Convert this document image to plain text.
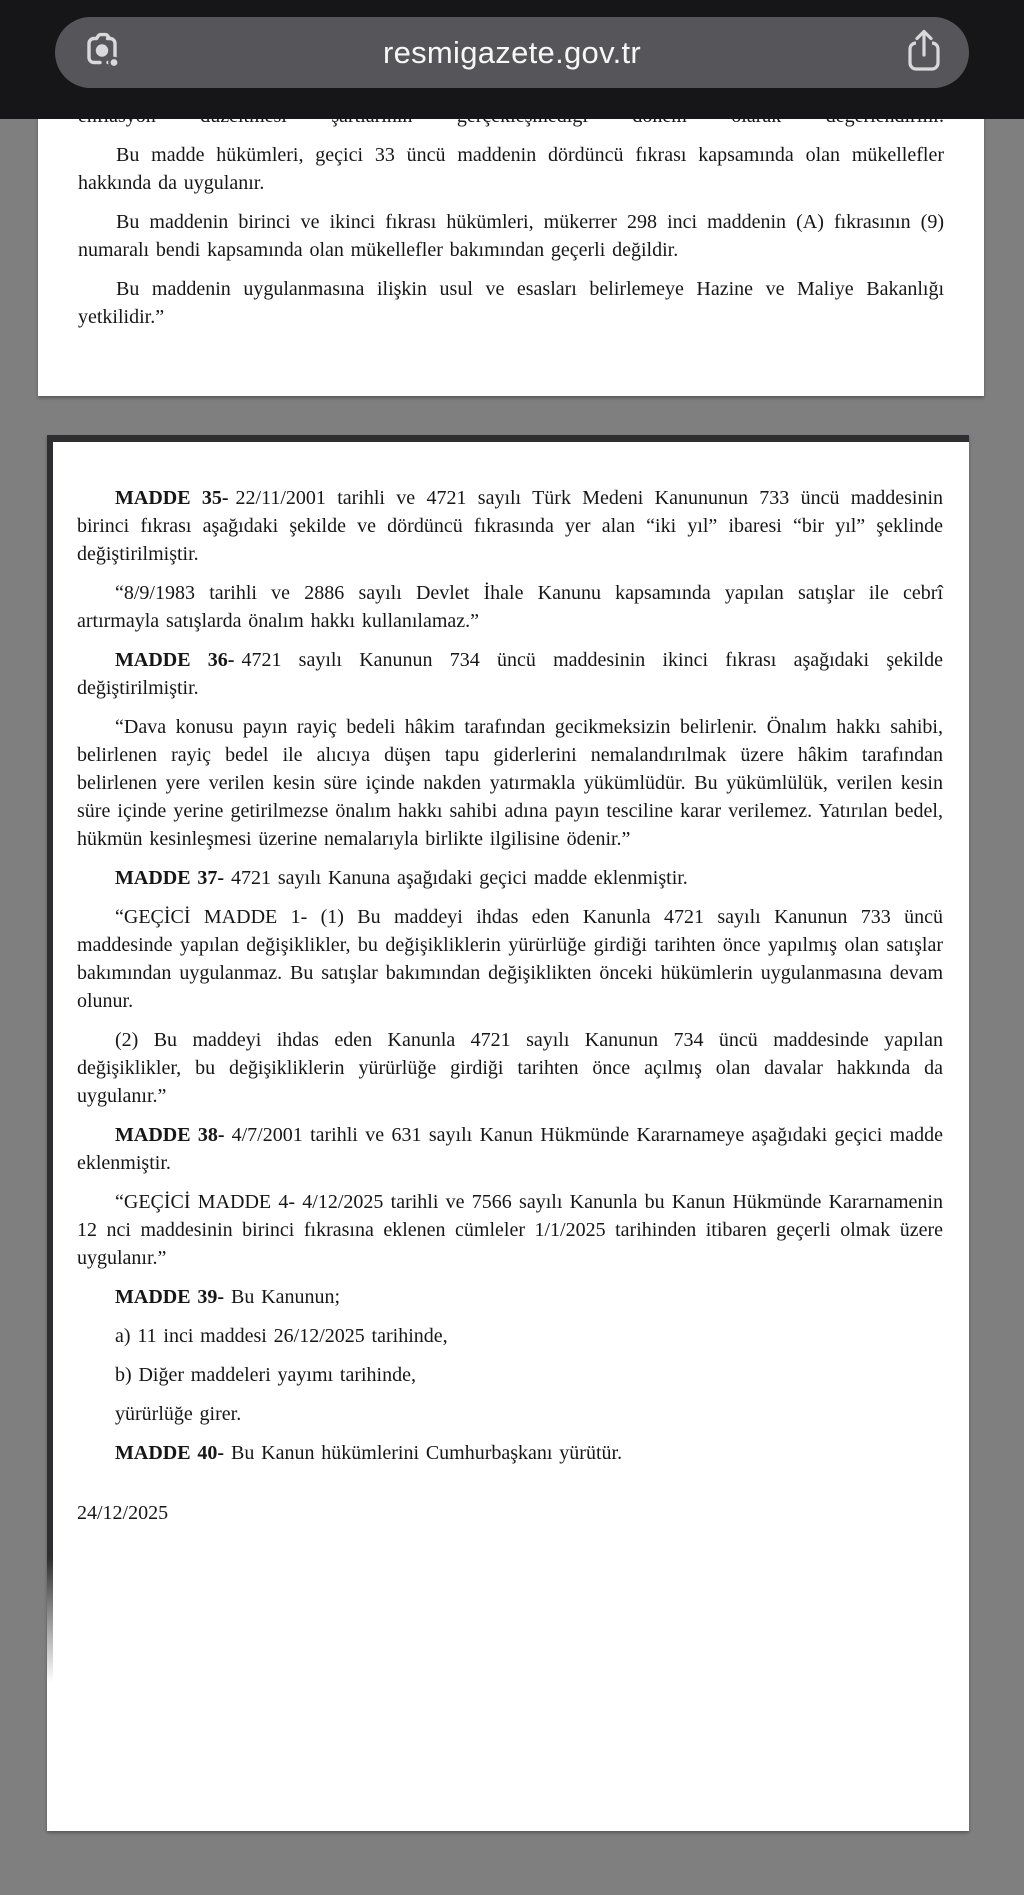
resmigazete.gov.tr

Bu madde hükümleri, geçici 33 üncü maddenin dördüncü fıkrası kapsamında olan mükellefler hakkında da uygulanır.

Bu maddenin birinci ve ikinci fıkrası hükümleri, mükerrer 298 inci maddenin (A) fıkrasının (9) numaralı bendi kapsamında olan mükellefler bakımından geçerli değildir.

Bu maddenin uygulanmasına ilişkin usul ve esasları belirlemeye Hazine ve Maliye Bakanlığı yetkilidir.”

MADDE 35- 22/11/2001 tarihli ve 4721 sayılı Türk Medeni Kanununun 733 üncü maddesinin birinci fıkrası aşağıdaki şekilde ve dördüncü fıkrasında yer alan “iki yıl” ibaresi “bir yıl” şeklinde değiştirilmiştir.

“8/9/1983 tarihli ve 2886 sayılı Devlet İhale Kanunu kapsamında yapılan satışlar ile cebrî artırmayla satışlarda önalım hakkı kullanılamaz.”

MADDE 36- 4721 sayılı Kanunun 734 üncü maddesinin ikinci fıkrası aşağıdaki şekilde değiştirilmiştir.

“Dava konusu payın rayiç bedeli hâkim tarafından gecikmeksizin belirlenir. Önalım hakkı sahibi, belirlenen rayiç bedel ile alıcıya düşen tapu giderlerini nemalandırılmak üzere hâkim tarafından belirlenen yere verilen kesin süre içinde nakden yatırmakla yükümlüdür. Bu yükümlülük, verilen kesin süre içinde yerine getirilmezse önalım hakkı sahibi adına payın tesciline karar verilemez. Yatırılan bedel, hükmün kesinleşmesi üzerine nemalarıyla birlikte ilgilisine ödenir.”

MADDE 37- 4721 sayılı Kanuna aşağıdaki geçici madde eklenmiştir.

“GEÇİCİ MADDE 1- (1) Bu maddeyi ihdas eden Kanunla 4721 sayılı Kanunun 733 üncü maddesinde yapılan değişiklikler, bu değişikliklerin yürürlüğe girdiği tarihten önce yapılmış olan satışlar bakımından uygulanmaz. Bu satışlar bakımından değişiklikten önceki hükümlerin uygulanmasına devam olunur.

(2) Bu maddeyi ihdas eden Kanunla 4721 sayılı Kanunun 734 üncü maddesinde yapılan değişiklikler, bu değişikliklerin yürürlüğe girdiği tarihten önce açılmış olan davalar hakkında da uygulanır.”

MADDE 38- 4/7/2001 tarihli ve 631 sayılı Kanun Hükmünde Kararnameye aşağıdaki geçici madde eklenmiştir.

“GEÇİCİ MADDE 4- 4/12/2025 tarihli ve 7566 sayılı Kanunla bu Kanun Hükmünde Kararnamenin 12 nci maddesinin birinci fıkrasına eklenen cümleler 1/1/2025 tarihinden itibaren geçerli olmak üzere uygulanır.”

MADDE 39- Bu Kanunun;

a) 11 inci maddesi 26/12/2025 tarihinde,

b) Diğer maddeleri yayımı tarihinde,

yürürlüğe girer.

MADDE 40- Bu Kanun hükümlerini Cumhurbaşkanı yürütür.

24/12/2025
